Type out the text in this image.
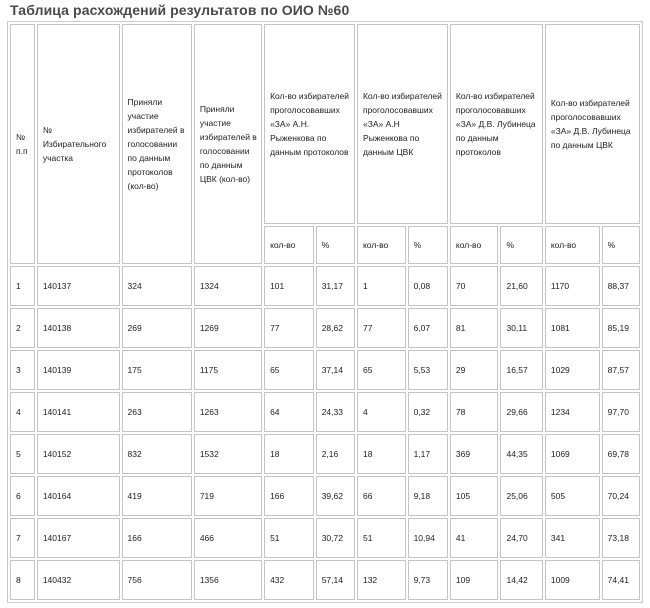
Таблица расхождений результатов по ОИО №60
№ п.п	№ Избирательного участка	Приняли участие избирателей в голосовании по данным протоколов (кол-во)	Приняли участие избирателей в голосовании по данным ЦВК (кол-во)	Кол-во избирателей проголосовавших «ЗА» А.Н. Рыженкова по данным протоколов		Кол-во избирателей проголосовавших «ЗА» А.Н Рыженкова по данным ЦВК		Кол-во избирателей проголосовавших «ЗА» Д.В. Лубинеца по данным протоколов		Кол-во избирателей проголосовавших «ЗА» Д.В. Лубинеца по данным ЦВК	
				кол-во	%	кол-во	%	кол-во	%	кол-во	%
1	140137	324	1324	101	31,17	1	0,08	70	21,60	1170	88,37
2	140138	269	1269	77	28,62	77	6,07	81	30,11	1081	85,19
3	140139	175	1175	65	37,14	65	5,53	29	16,57	1029	87,57
4	140141	263	1263	64	24,33	4	0,32	78	29,66	1234	97,70
5	140152	832	1532	18	2,16	18	1,17	369	44,35	1069	69,78
6	140164	419	719	166	39,62	66	9,18	105	25,06	505	70,24
7	140167	166	466	51	30,72	51	10,94	41	24,70	341	73,18
8	140432	756	1356	432	57,14	132	9,73	109	14,42	1009	74,41
